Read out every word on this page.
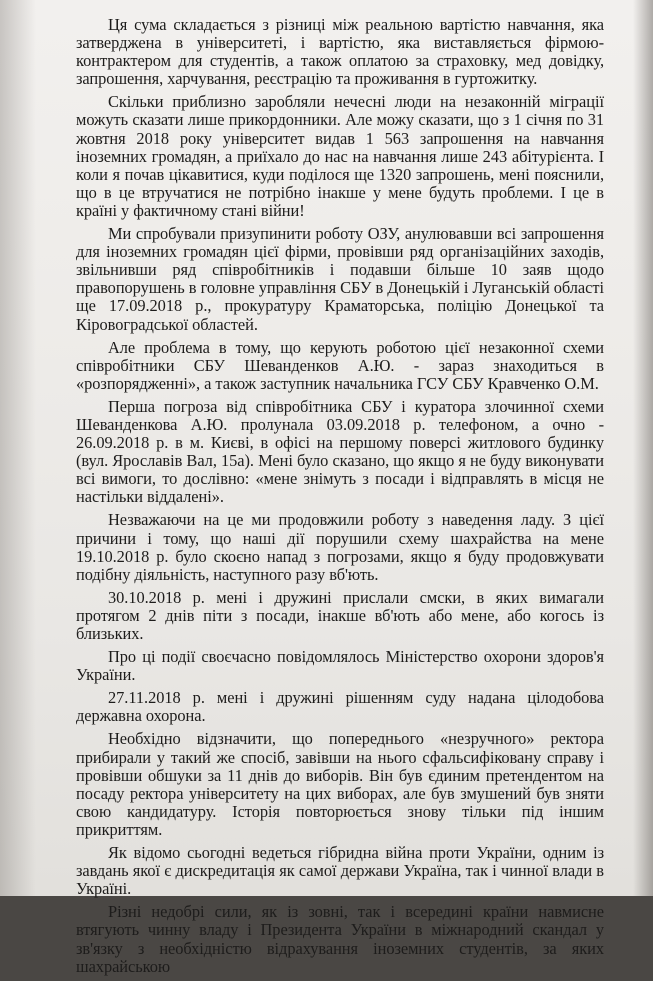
Ця сума складається з різниці між реальною вартістю навчання, яка затверджена в університеті, і вартістю, яка виставляється фірмою-контрактером для студентів, а також оплатою за страховку, мед довідку, запрошення, харчування, реєстрацію та проживання в гуртожитку.

Скільки приблизно заробляли нечесні люди на незаконній міграції можуть сказати лише прикордонники. Але можу сказати, що з 1 січня по 31 жовтня 2018 року університет видав 1 563 запрошення на навчання іноземних громадян, а приїхало до нас на навчання лише 243 абітурієнта. І коли я почав цікавитися, куди поділося ще 1320 запрошень, мені пояснили, що в це втручатися не потрібно інакше у мене будуть проблеми. І це в країні у фактичному стані війни!

Ми спробували призупинити роботу ОЗУ, анулювавши всі запрошення для іноземних громадян цієї фірми, провівши ряд організаційних заходів, звільнивши ряд співробітників і подавши більше 10 заяв щодо правопорушень в головне управління СБУ в Донецькій і Луганській області ще 17.09.2018 р., прокуратуру Краматорська, поліцію Донецької та Кіровоградської областей.

Але проблема в тому, що керують роботою цієї незаконної схеми співробітники СБУ Шеванденков А.Ю. - зараз знаходиться в «розпорядженні», а також заступник начальника ГСУ СБУ Кравченко О.М.

Перша погроза від співробітника СБУ і куратора злочинної схеми Шеванденкова А.Ю. пролунала 03.09.2018 р. телефоном, а очно - 26.09.2018 р. в м. Києві, в офісі на першому поверсі житлового будинку (вул. Ярославів Вал, 15а). Мені було сказано, що якщо я не буду виконувати всі вимоги, то дослівно: «мене знімуть з посади і відправлять в місця не настільки віддалені».

Незважаючи на це ми продовжили роботу з наведення ладу. З цієї причини і тому, що наші дії порушили схему шахрайства на мене 19.10.2018 р. було скоєно напад з погрозами, якщо я буду продовжувати подібну діяльність, наступного разу вб'ють.

30.10.2018 р. мені і дружині прислали смски, в яких вимагали протягом 2 днів піти з посади, інакше вб'ють або мене, або когось із близьких.

Про ці події своєчасно повідомлялось Міністерство охорони здоров'я України.

27.11.2018 р. мені і дружині рішенням суду надана цілодобова державна охорона.

Необхідно відзначити, що попереднього «незручного» ректора прибирали у такий же спосіб, завівши на нього сфальсифіковану справу і провівши обшуки за 11 днів до виборів. Він був єдиним претендентом на посаду ректора університету на цих виборах, але був змушений був зняти свою кандидатуру. Історія повторюється знову тільки під іншим прикриттям.

Як відомо сьогодні ведеться гібридна війна проти України, одним із завдань якої є дискредитація як самої держави Україна, так і чинної влади в Україні.

Різні недобрі сили, як із зовні, так і всередині країни навмисне втягують чинну владу і Президента України в міжнародний скандал у зв'язку з необхідністю відрахування іноземних студентів, за яких шахрайською
